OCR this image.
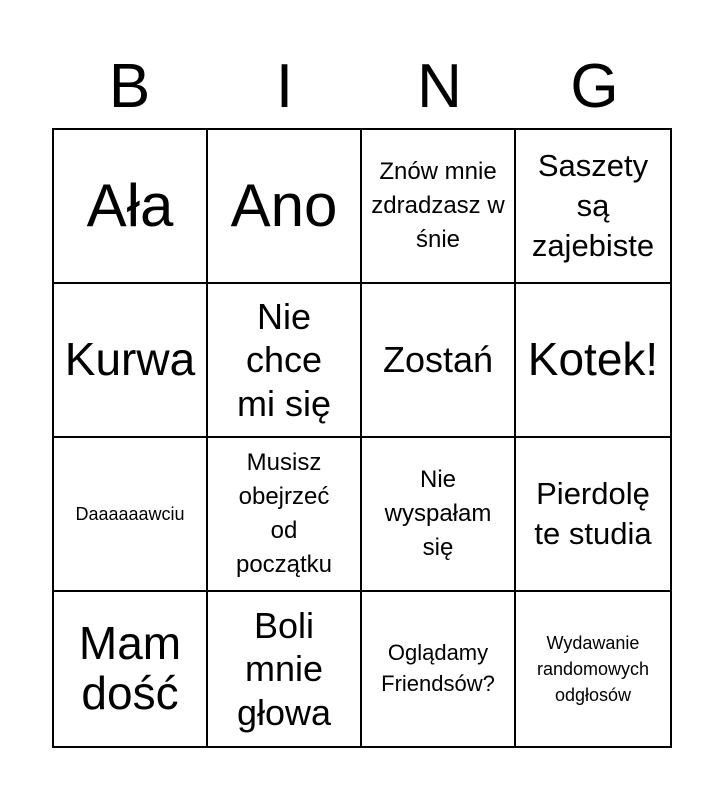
B	I	N	G
Ała Ano
Znów mnie zdradzasz w śnie
Saszety są zajebiste
Kurwa
Nie chce mi się
Zostań Kotek!
Daaaaaawciu
Musisz obejrzeć od początku
Nie wyspałam się
Pierdolę te studia
Mam dość
Boli mnie głowa
Oglądamy Friendsów?
Wydawanie randomowych odgłosów
